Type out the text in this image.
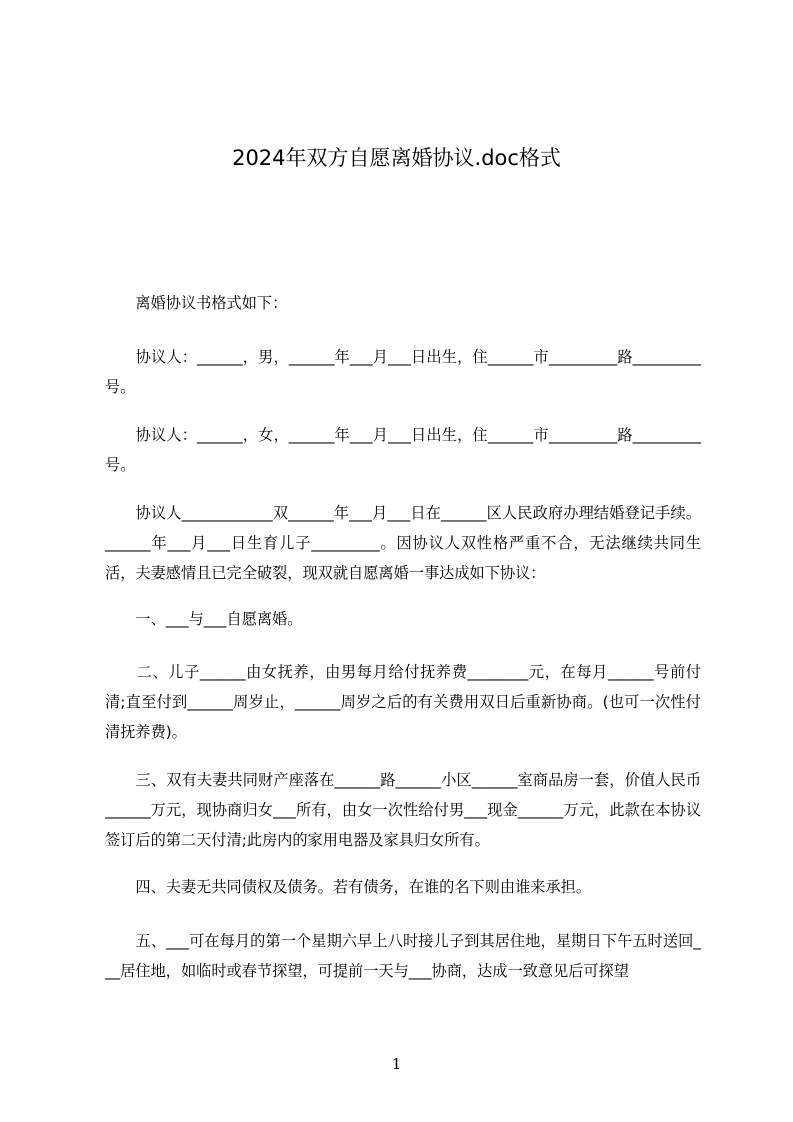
2024年双方自愿离婚协议.doc格式
　　离婚协议书格式如下：
　　协议人：______，男，______年___月___日出生，住______市_________路_________号。
　　协议人：______，女，______年___月___日出生，住______市_________路_________号。
　　协议人____________双______年___月___日在______区人民政府办理结婚登记手续。______年___月___日生育儿子_________。因协议人双性格严重不合，无法继续共同生活，夫妻感情且已完全破裂，现双就自愿离婚一事达成如下协议：
　　一、___与___自愿离婚。
　　二、儿子______由女抚养，由男每月给付抚养费________元，在每月______号前付清;直至付到______周岁止，______周岁之后的有关费用双日后重新协商。(也可一次性付清抚养费)。
　　三、双有夫妻共同财产座落在______路______小区______室商品房一套，价值人民币______万元，现协商归女___所有，由女一次性给付男___现金______万元，此款在本协议签订后的第二天付清;此房内的家用电器及家具归女所有。
　　四、夫妻无共同债权及债务。若有债务，在谁的名下则由谁来承担。
　　五、___可在每月的第一个星期六早上八时接儿子到其居住地，星期日下午五时送回___居住地，如临时或春节探望，可提前一天与___协商，达成一致意见后可探望
1
